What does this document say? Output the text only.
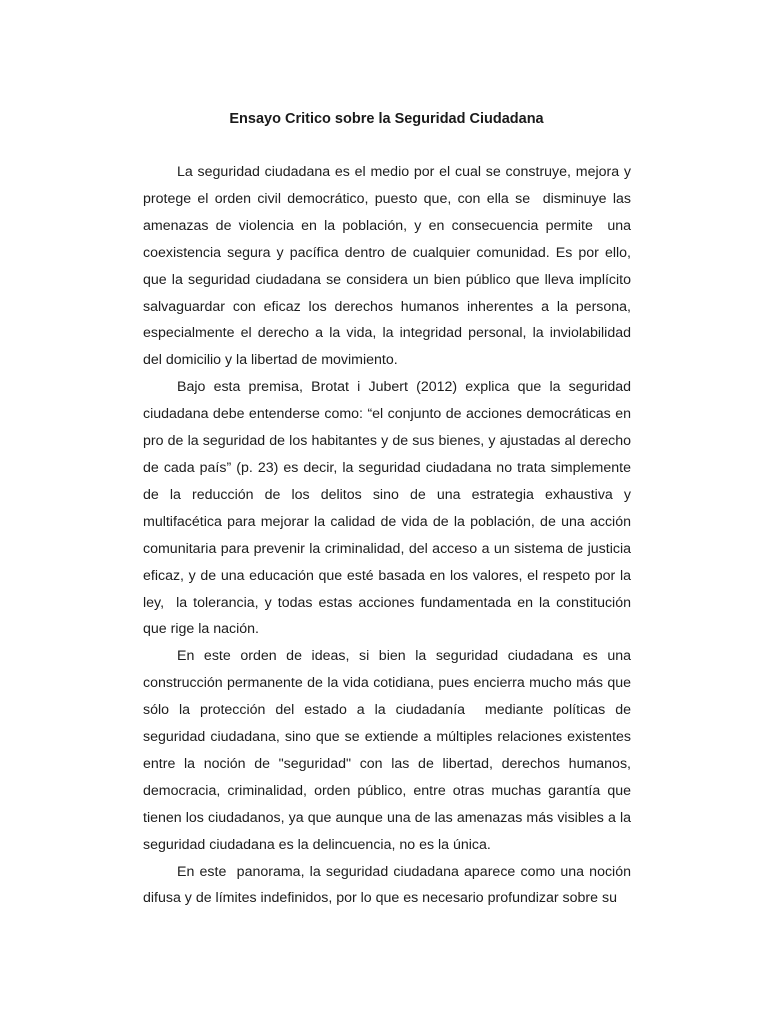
Ensayo Critico sobre la Seguridad Ciudadana

La seguridad ciudadana es el medio por el cual se construye, mejora y protege el orden civil democrático, puesto que, con ella se  disminuye las amenazas de violencia en la población, y en consecuencia permite  una coexistencia segura y pacífica dentro de cualquier comunidad. Es por ello, que la seguridad ciudadana se considera un bien público que lleva implícito salvaguardar con eficaz los derechos humanos inherentes a la persona, especialmente el derecho a la vida, la integridad personal, la inviolabilidad del domicilio y la libertad de movimiento.

Bajo esta premisa, Brotat i Jubert (2012) explica que la seguridad ciudadana debe entenderse como: “el conjunto de acciones democráticas en pro de la seguridad de los habitantes y de sus bienes, y ajustadas al derecho de cada país” (p. 23) es decir, la seguridad ciudadana no trata simplemente de la reducción de los delitos sino de una estrategia exhaustiva y multifacética para mejorar la calidad de vida de la población, de una acción comunitaria para prevenir la criminalidad, del acceso a un sistema de justicia eficaz, y de una educación que esté basada en los valores, el respeto por la ley,  la tolerancia, y todas estas acciones fundamentada en la constitución que rige la nación.

En este orden de ideas, si bien la seguridad ciudadana es una construcción permanente de la vida cotidiana, pues encierra mucho más que sólo la protección del estado a la ciudadanía  mediante políticas de seguridad ciudadana, sino que se extiende a múltiples relaciones existentes entre la noción de "seguridad" con las de libertad, derechos humanos, democracia, criminalidad, orden público, entre otras muchas garantía que tienen los ciudadanos, ya que aunque una de las amenazas más visibles a la seguridad ciudadana es la delincuencia, no es la única.

En este  panorama, la seguridad ciudadana aparece como una noción difusa y de límites indefinidos, por lo que es necesario profundizar sobre su
